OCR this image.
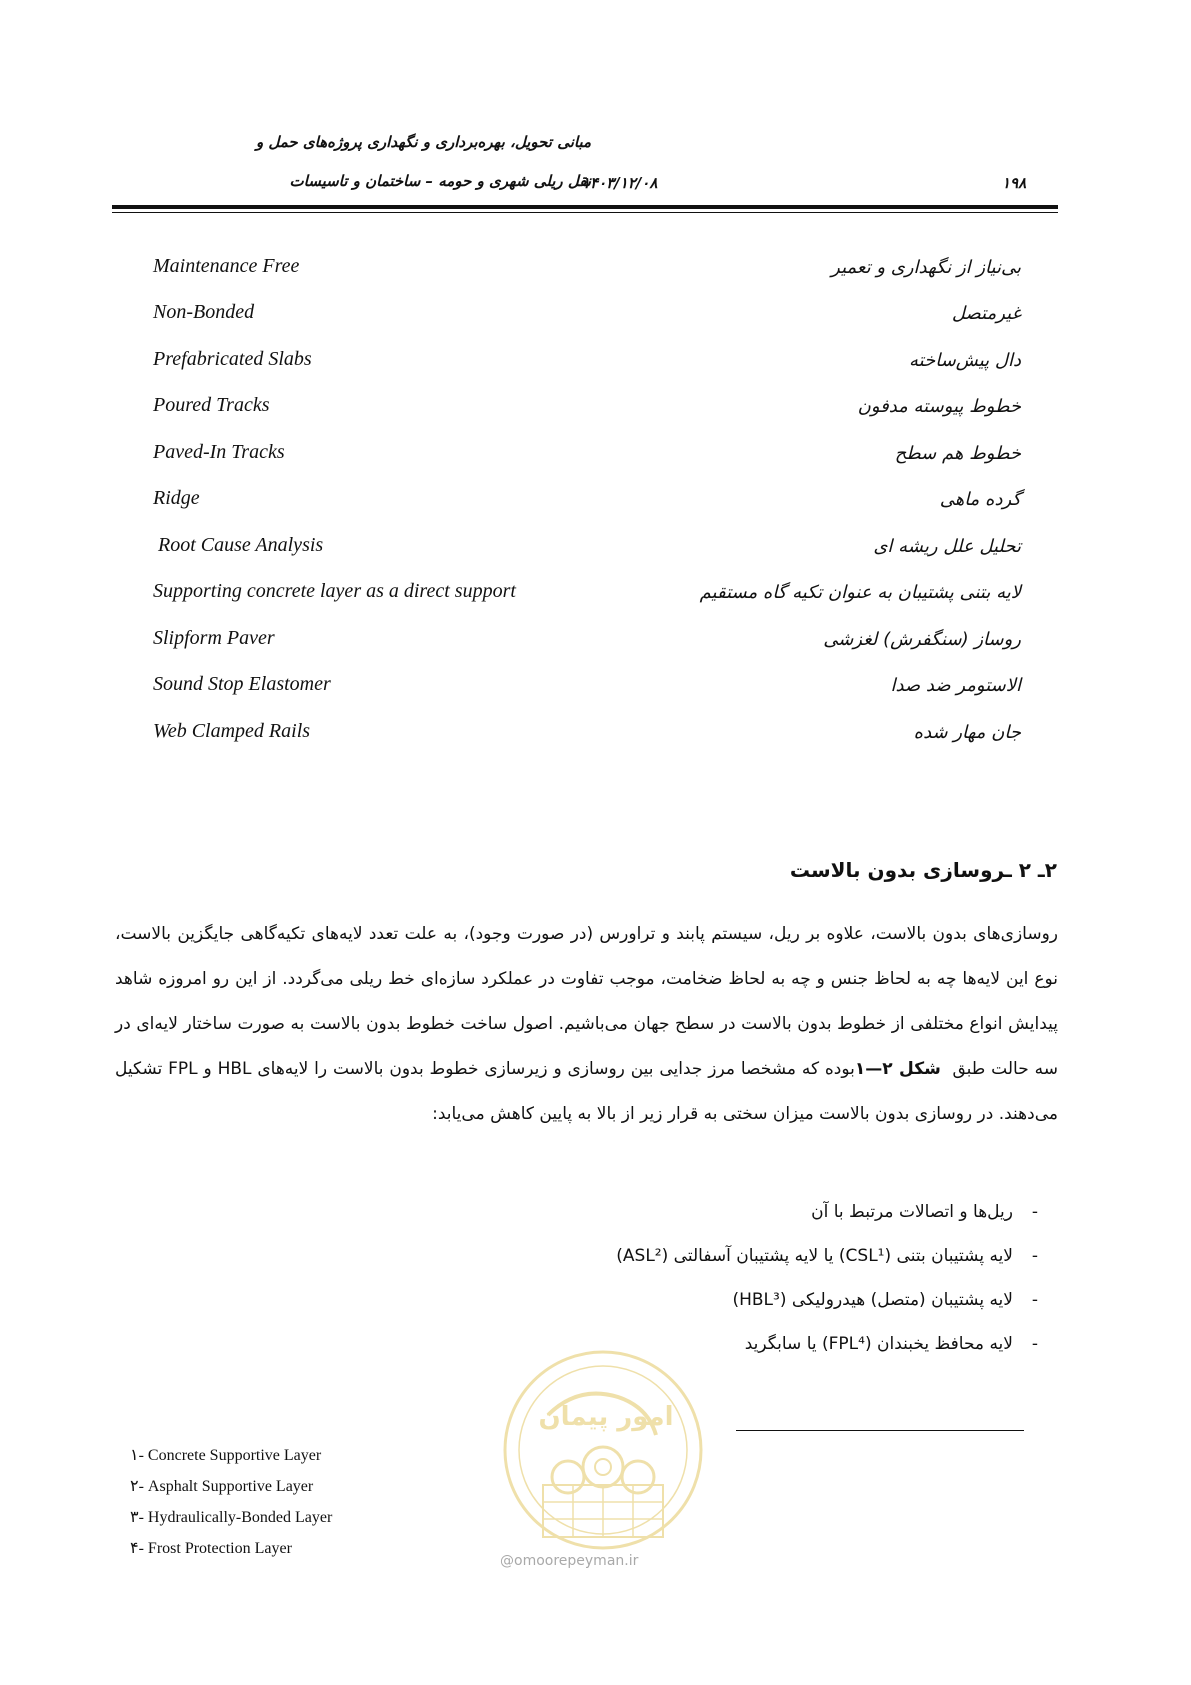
مبانی تحویل، بهره‌برداری و نگهداری پروژه‌های حمل و
نقل ریلی شهری و حومه – ساختمان و تاسیسات
۱۴۰۳/۱۲/۰۸	۱۹۸
Maintenance Free	بی‌نیاز از نگهداری و تعمیر
Non-Bonded	غیرمتصل
Prefabricated Slabs	دال پیش‌ساخته
Poured Tracks	خطوط پیوسته مدفون
Paved-In Tracks	خطوط هم سطح
Ridge	گرده ماهی
Root Cause Analysis	تحلیل علل ریشه ای
Supporting concrete layer as a direct support	لایه بتنی پشتیبان به عنوان تکیه گاه مستقیم
Slipform Paver	روساز (سنگفرش) لغزشی
Sound Stop Elastomer	الاستومر ضد صدا
Web Clamped Rails	جان مهار شده
۲ـ ۲ ـروسازی بدون بالاست
روسازی‌های بدون بالاست، علاوه بر ریل، سیستم پابند و تراورس (در صورت وجود)، به علت تعدد لایه‌های تکیه‌گاهی جایگزین بالاست، نوع این لایه‌ها چه به لحاظ جنس و چه به لحاظ ضخامت، موجب تفاوت در عملکرد سازه‌ای خط ریلی می‌گردد. از این رو امروزه شاهد پیدایش انواع مختلفی از خطوط بدون بالاست در سطح جهان می‌باشیم. اصول ساخت خطوط بدون بالاست به صورت ساختار لایه‌ای در سه حالت طبق  شکل ۲—۱بوده که مشخصا مرز جدایی بین روسازی و زیرسازی خطوط بدون بالاست را لایه‌های HBL و FPL تشکیل می‌دهند. در روسازی بدون بالاست میزان سختی به قرار زیر از بالا به پایین کاهش می‌یابد:
-ریل‌ها و اتصالات مرتبط با آن
-لایه پشتیبان بتنی (CSL¹) یا لایه پشتیبان آسفالتی (ASL²)
-لایه پشتیبان (متصل) هیدرولیکی (HBL³)
-لایه محافظ یخبندان (FPL⁴) یا سابگرید
۱- Concrete Supportive Layer
۲- Asphalt Supportive Layer
۳- Hydraulically-Bonded Layer
۴- Frost Protection Layer
امور پیمان
@omoorepeyman.ir
